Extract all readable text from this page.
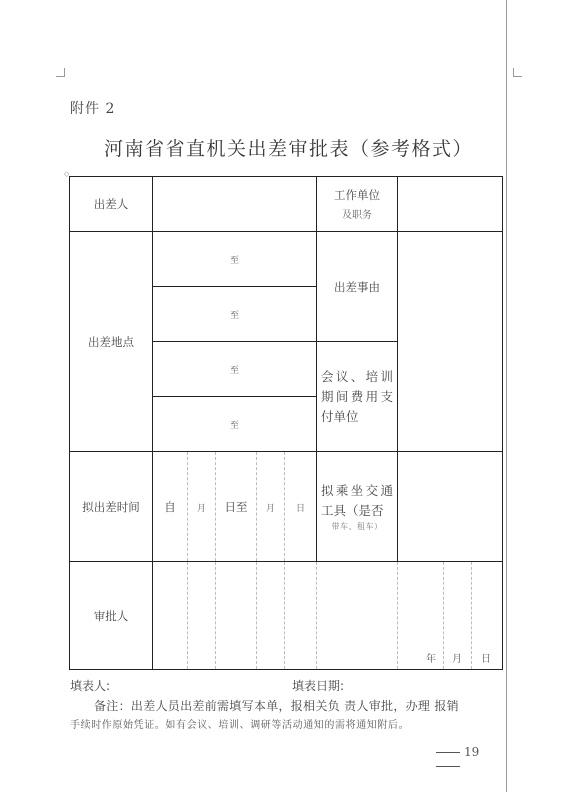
附件 2
河南省省直机关出差审批表（参考格式）
◇
出差人						工作单位
及职务			

出差地点	至					出差事由			
	至								
	至					会议、培训期间费用支付单位			

	至								
拟出差时间	自	月	日至	月	日	拟乘坐交通工具（是否
带车、租车）			

审批人							年	月	日
填表人:	填表日期:
备注：出差人员出差前需填写本单，报相关负 责人审批，办理 报销
手续时作原始凭证。如有会议、培训、调研等活动通知的需将通知附后。
19
